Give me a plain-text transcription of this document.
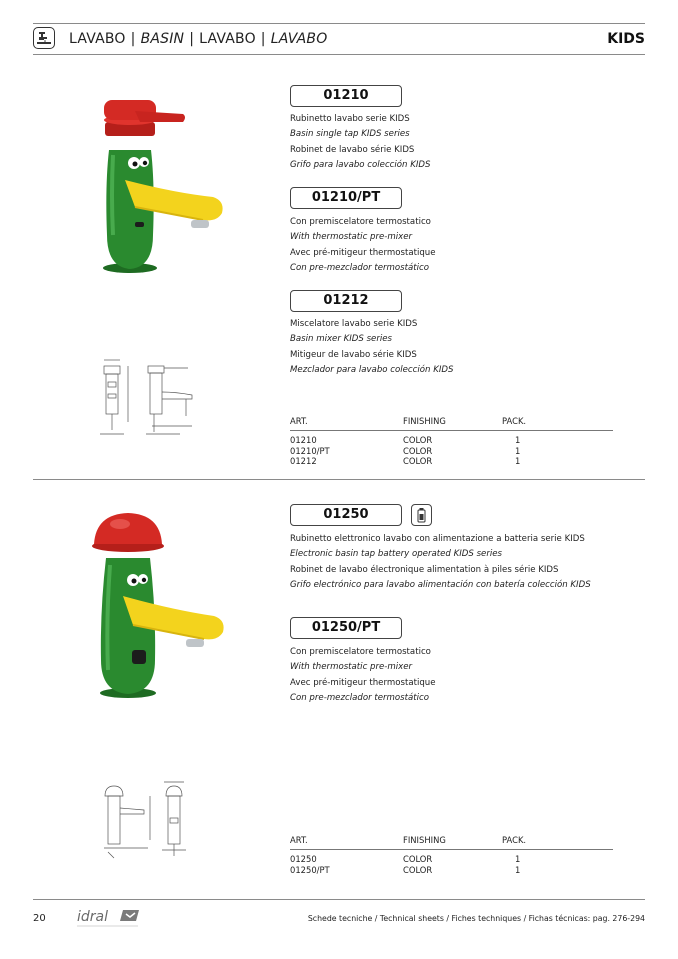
LAVABO | BASIN | LAVABO | LAVABO	KIDS
01210
Rubinetto lavabo serie KIDS
Basin single tap KIDS series
Robinet de lavabo série KIDS
Grifo para lavabo colección KIDS
01210/PT
Con premiscelatore termostatico
With thermostatic pre-mixer
Avec pré-mitigeur thermostatique
Con pre-mezclador termostático
01212
Miscelatore lavabo serie KIDS
Basin mixer KIDS series
Mitigeur de lavabo série KIDS
Mezclador para lavabo colección KIDS
ART.	FINISHING	PACK.
01210	COLOR	1
01210/PT	COLOR	1
01212	COLOR	1
01250
Rubinetto elettronico lavabo con alimentazione a batteria serie KIDS
Electronic basin tap battery operated KIDS series
Robinet de lavabo électronique alimentation à piles série KIDS
Grifo electrónico para lavabo alimentación con batería colección KIDS
01250/PT
Con premiscelatore termostatico
With thermostatic pre-mixer
Avec pré-mitigeur thermostatique
Con pre-mezclador termostático
ART.	FINISHING	PACK.
01250	COLOR	1
01250/PT	COLOR	1
20 idral	Schede tecniche / Technical sheets / Fiches techniques / Fichas técnicas: pag. 276-294
